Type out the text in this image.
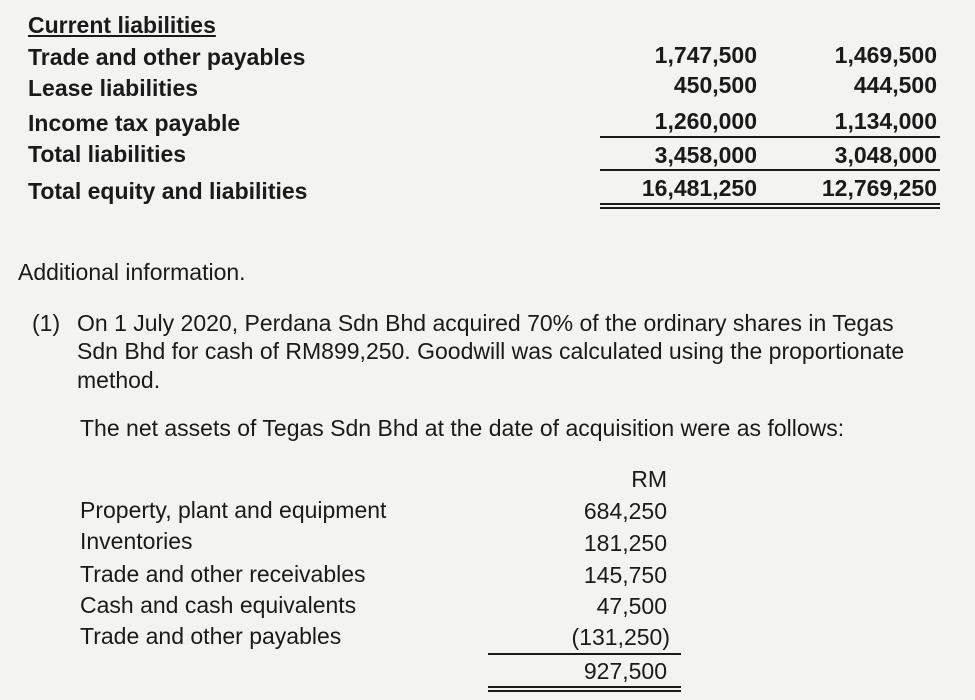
Current liabilities
Trade and other payables	1,747,500	1,469,500
Lease liabilities	450,500	444,500
Income tax payable	1,260,000	1,134,000
Total liabilities	3,458,000	3,048,000
Total equity and liabilities	16,481,250	12,769,250
Additional information.
(1) On 1 July 2020, Perdana Sdn Bhd acquired 70% of the ordinary shares in Tegas
Sdn Bhd for cash of RM899,250. Goodwill was calculated using the proportionate
method.
The net assets of Tegas Sdn Bhd at the date of acquisition were as follows:
RM
Property, plant and equipment	684,250
Inventories	181,250
Trade and other receivables	145,750
Cash and cash equivalents	47,500
Trade and other payables	(131,250)
927,500
